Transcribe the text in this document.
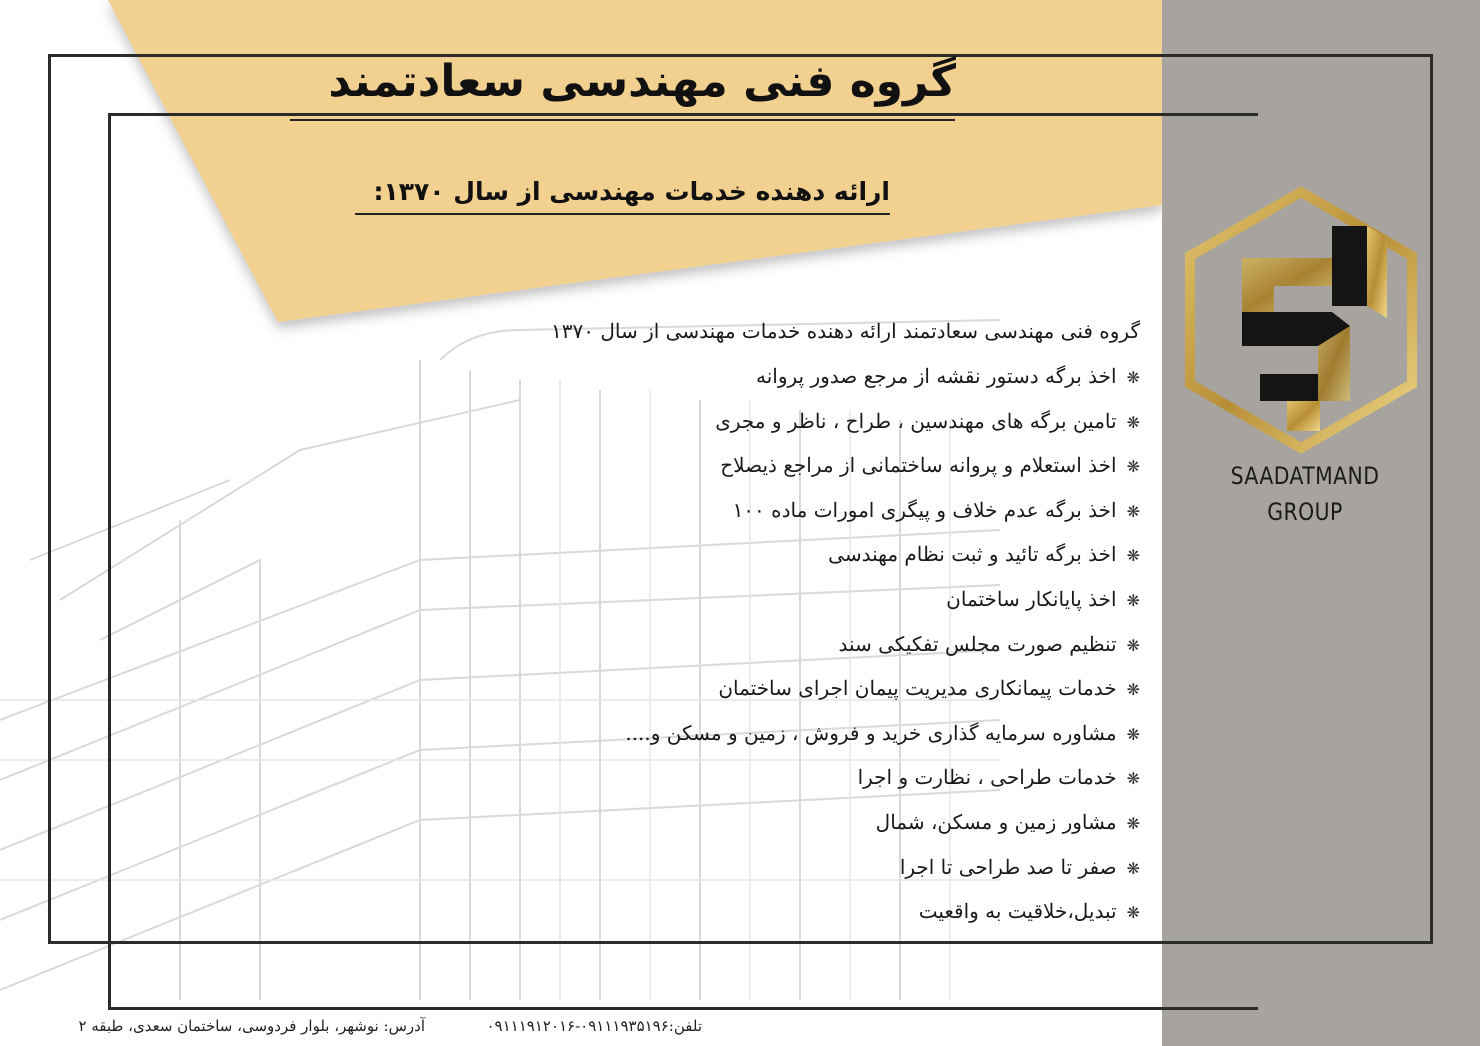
گروه فنی مهندسی سعادتمند
ارائه دهنده خدمات مهندسی از سال ۱۳۷۰:

گروه فنی مهندسی سعادتمند ارائه دهنده خدمات مهندسی از سال ۱۳۷۰

❋اخذ برگه دستور نقشه از مرجع صدور پروانه
❋تامین برگه های مهندسین ، طراح ، ناظر و مجری
❋اخذ استعلام و پروانه ساختمانی از مراجع ذیصلاح
❋اخذ برگه عدم خلاف و پیگری امورات ماده ۱۰۰
❋اخذ برگه تائید و ثبت نظام مهندسی
❋اخذ پایانکار ساختمان
❋تنظیم صورت مجلس تفکیکی سند
❋خدمات پیمانکاری مدیریت پیمان اجرای ساختمان
❋مشاوره سرمایه گذاری خرید و فروش ، زمین و مسکن و....
❋خدمات طراحی ، نظارت و اجرا
❋مشاور زمین و مسکن، شمال
❋صفر تا صد طراحی تا اجرا
❋تبدیل،خلاقیت به واقعیت
SAADATMAND GROUP
آدرس: نوشهر، بلوار فردوسی، ساختمان سعدی، طبقه ۲	تلفن:۰۹۱۱۱۹۳۵۱۹۶-۰۹۱۱۱۹۱۲۰۱۶
